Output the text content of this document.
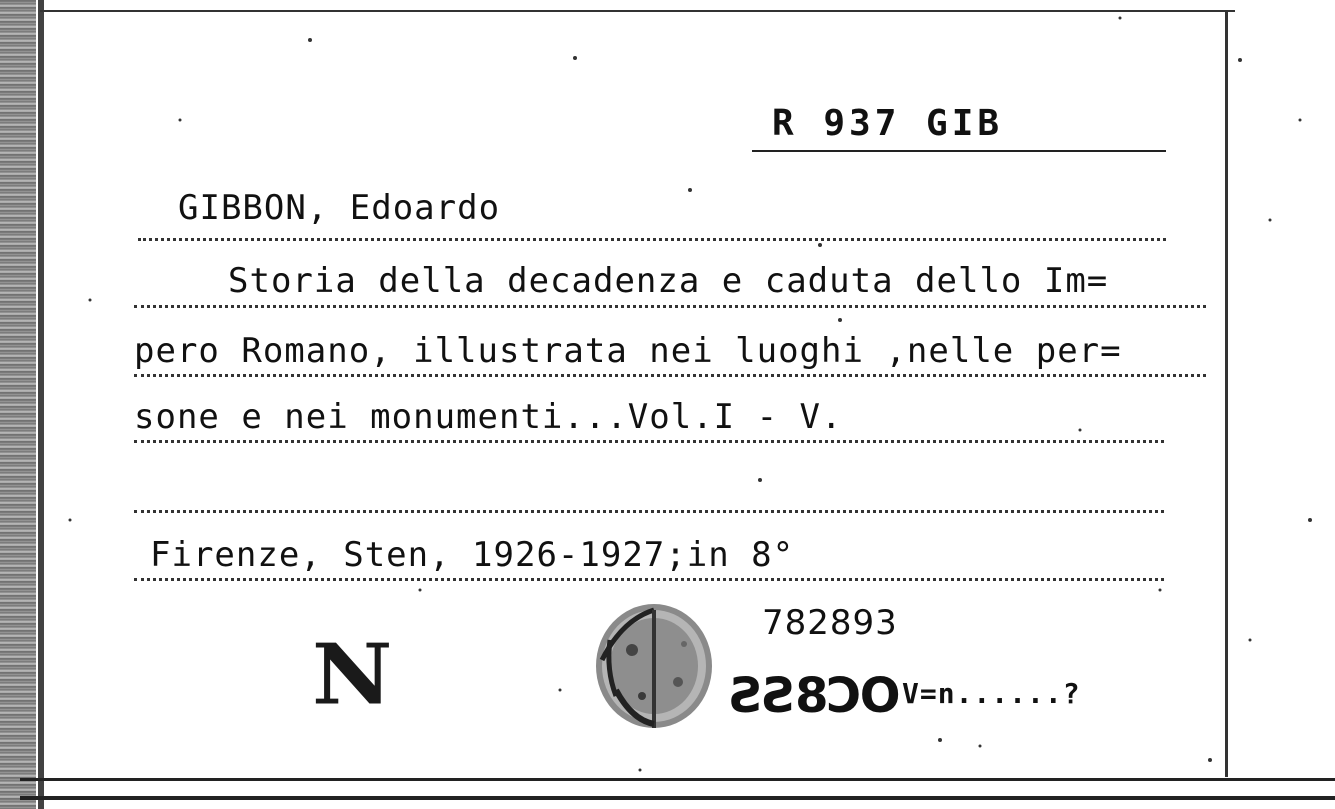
R 937 GIB
GIBBON, Edoardo
Storia della decadenza e caduta dello Im=
pero Romano, illustrata nei luoghi ,nelle per=
sone e nei monumenti...Vol.I - V.
Firenze, Sten, 1926-1927;in 8°
N
782893
ƧƧ8ƆO V=n......?
